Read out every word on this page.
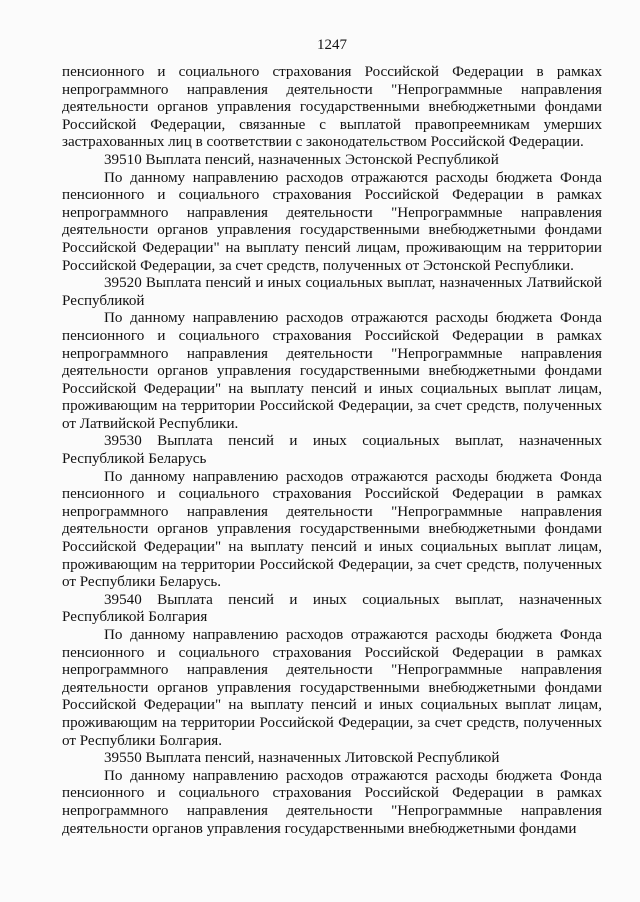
1247

пенсионного и социального страхования Российской Федерации в рамках непрограммного направления деятельности "Непрограммные направления деятельности органов управления государственными внебюджетными фондами Российской Федерации, связанные с выплатой правопреемникам умерших застрахованных лиц в соответствии с законодательством Российской Федерации.

39510 Выплата пенсий, назначенных Эстонской Республикой

По данному направлению расходов отражаются расходы бюджета Фонда пенсионного и социального страхования Российской Федерации в рамках непрограммного направления деятельности "Непрограммные направления деятельности органов управления государственными внебюджетными фондами Российской Федерации" на выплату пенсий лицам, проживающим на территории Российской Федерации, за счет средств, полученных от Эстонской Республики.

39520 Выплата пенсий и иных социальных выплат, назначенных Латвийской Республикой

По данному направлению расходов отражаются расходы бюджета Фонда пенсионного и социального страхования Российской Федерации в рамках непрограммного направления деятельности "Непрограммные направления деятельности органов управления государственными внебюджетными фондами Российской Федерации" на выплату пенсий и иных социальных выплат лицам, проживающим на территории Российской Федерации, за счет средств, полученных от Латвийской Республики.

39530 Выплата пенсий и иных социальных выплат, назначенных Республикой Беларусь

По данному направлению расходов отражаются расходы бюджета Фонда пенсионного и социального страхования Российской Федерации в рамках непрограммного направления деятельности "Непрограммные направления деятельности органов управления государственными внебюджетными фондами Российской Федерации" на выплату пенсий и иных социальных выплат лицам, проживающим на территории Российской Федерации, за счет средств, полученных от Республики Беларусь.

39540 Выплата пенсий и иных социальных выплат, назначенных Республикой Болгария

По данному направлению расходов отражаются расходы бюджета Фонда пенсионного и социального страхования Российской Федерации в рамках непрограммного направления деятельности "Непрограммные направления деятельности органов управления государственными внебюджетными фондами Российской Федерации" на выплату пенсий и иных социальных выплат лицам, проживающим на территории Российской Федерации, за счет средств, полученных от Республики Болгария.

39550 Выплата пенсий, назначенных Литовской Республикой

По данному направлению расходов отражаются расходы бюджета Фонда пенсионного и социального страхования Российской Федерации в рамках непрограммного направления деятельности "Непрограммные направления деятельности органов управления государственными внебюджетными фондами
